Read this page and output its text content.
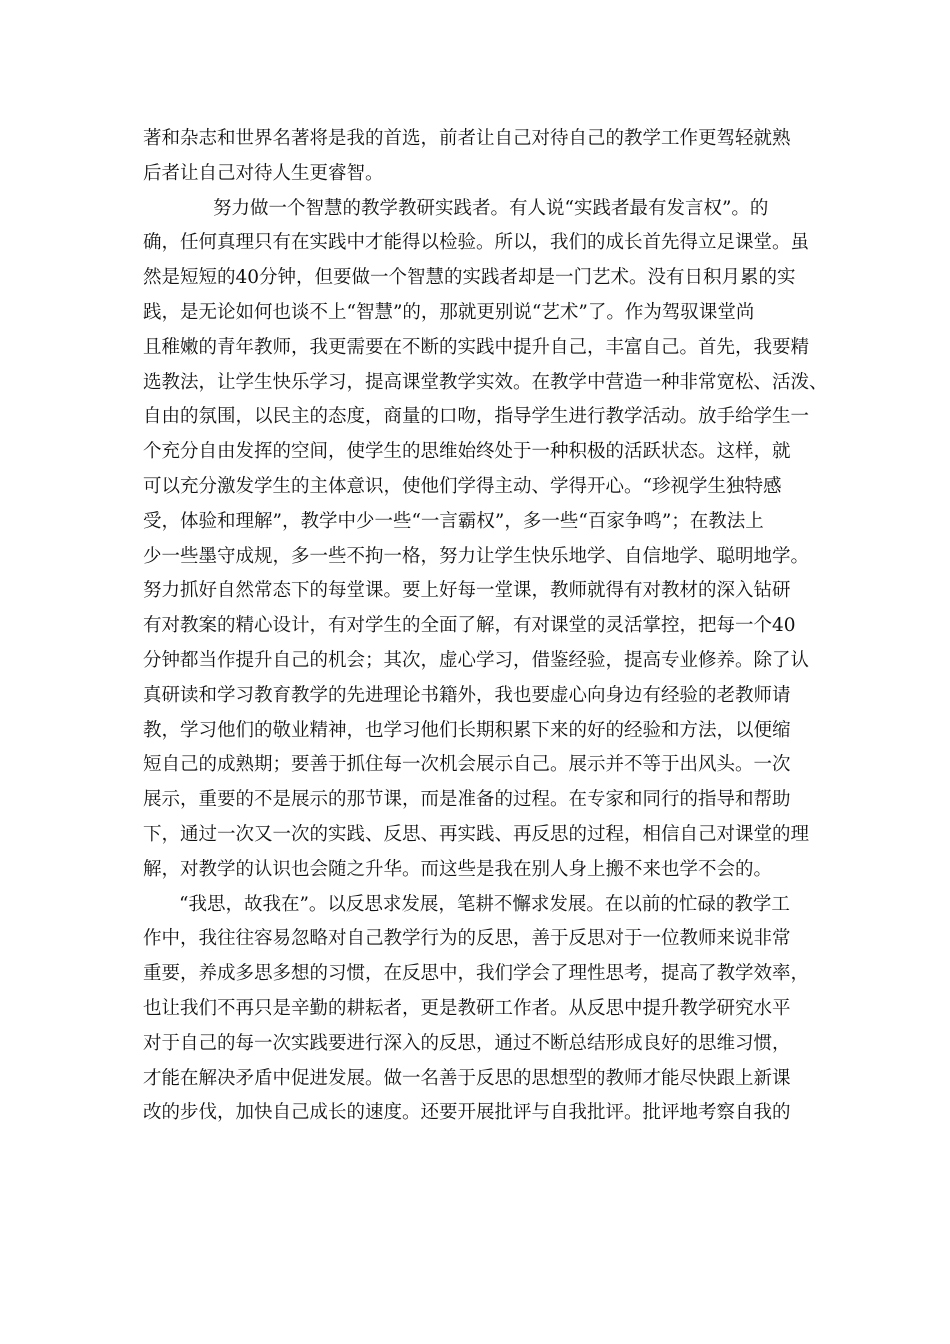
著和杂志和世界名著将是我的首选，前者让自己对待自己的教学工作更驾轻就熟
后者让自己对待人生更睿智。
努力做一个智慧的教学教研实践者。有人说“实践者最有发言权”。的
确，任何真理只有在实践中才能得以检验。所以，我们的成长首先得立足课堂。虽
然是短短的40分钟，但要做一个智慧的实践者却是一门艺术。没有日积月累的实
践，是无论如何也谈不上“智慧”的，那就更别说“艺术”了。作为驾驭课堂尚
且稚嫩的青年教师，我更需要在不断的实践中提升自己，丰富自己。首先，我要精
选教法，让学生快乐学习，提高课堂教学实效。在教学中营造一种非常宽松、活泼、
自由的氛围，以民主的态度，商量的口吻，指导学生进行教学活动。放手给学生一
个充分自由发挥的空间，使学生的思维始终处于一种积极的活跃状态。这样，就
可以充分激发学生的主体意识，使他们学得主动、学得开心。“珍视学生独特感
受，体验和理解”，教学中少一些“一言霸权”，多一些“百家争鸣”；在教法上
少一些墨守成规，多一些不拘一格，努力让学生快乐地学、自信地学、聪明地学。
努力抓好自然常态下的每堂课。要上好每一堂课，教师就得有对教材的深入钻研
有对教案的精心设计，有对学生的全面了解，有对课堂的灵活掌控，把每一个40
分钟都当作提升自己的机会；其次，虚心学习，借鉴经验，提高专业修养。除了认
真研读和学习教育教学的先进理论书籍外，我也要虚心向身边有经验的老教师请
教，学习他们的敬业精神，也学习他们长期积累下来的好的经验和方法，以便缩
短自己的成熟期；要善于抓住每一次机会展示自己。展示并不等于出风头。一次
展示，重要的不是展示的那节课，而是准备的过程。在专家和同行的指导和帮助
下，通过一次又一次的实践、反思、再实践、再反思的过程，相信自己对课堂的理
解，对教学的认识也会随之升华。而这些是我在别人身上搬不来也学不会的。
“我思，故我在”。以反思求发展，笔耕不懈求发展。在以前的忙碌的教学工
作中，我往往容易忽略对自己教学行为的反思，善于反思对于一位教师来说非常
重要，养成多思多想的习惯，在反思中，我们学会了理性思考，提高了教学效率，
也让我们不再只是辛勤的耕耘者，更是教研工作者。从反思中提升教学研究水平
对于自己的每一次实践要进行深入的反思，通过不断总结形成良好的思维习惯，
才能在解决矛盾中促进发展。做一名善于反思的思想型的教师才能尽快跟上新课
改的步伐，加快自己成长的速度。还要开展批评与自我批评。批评地考察自我的
